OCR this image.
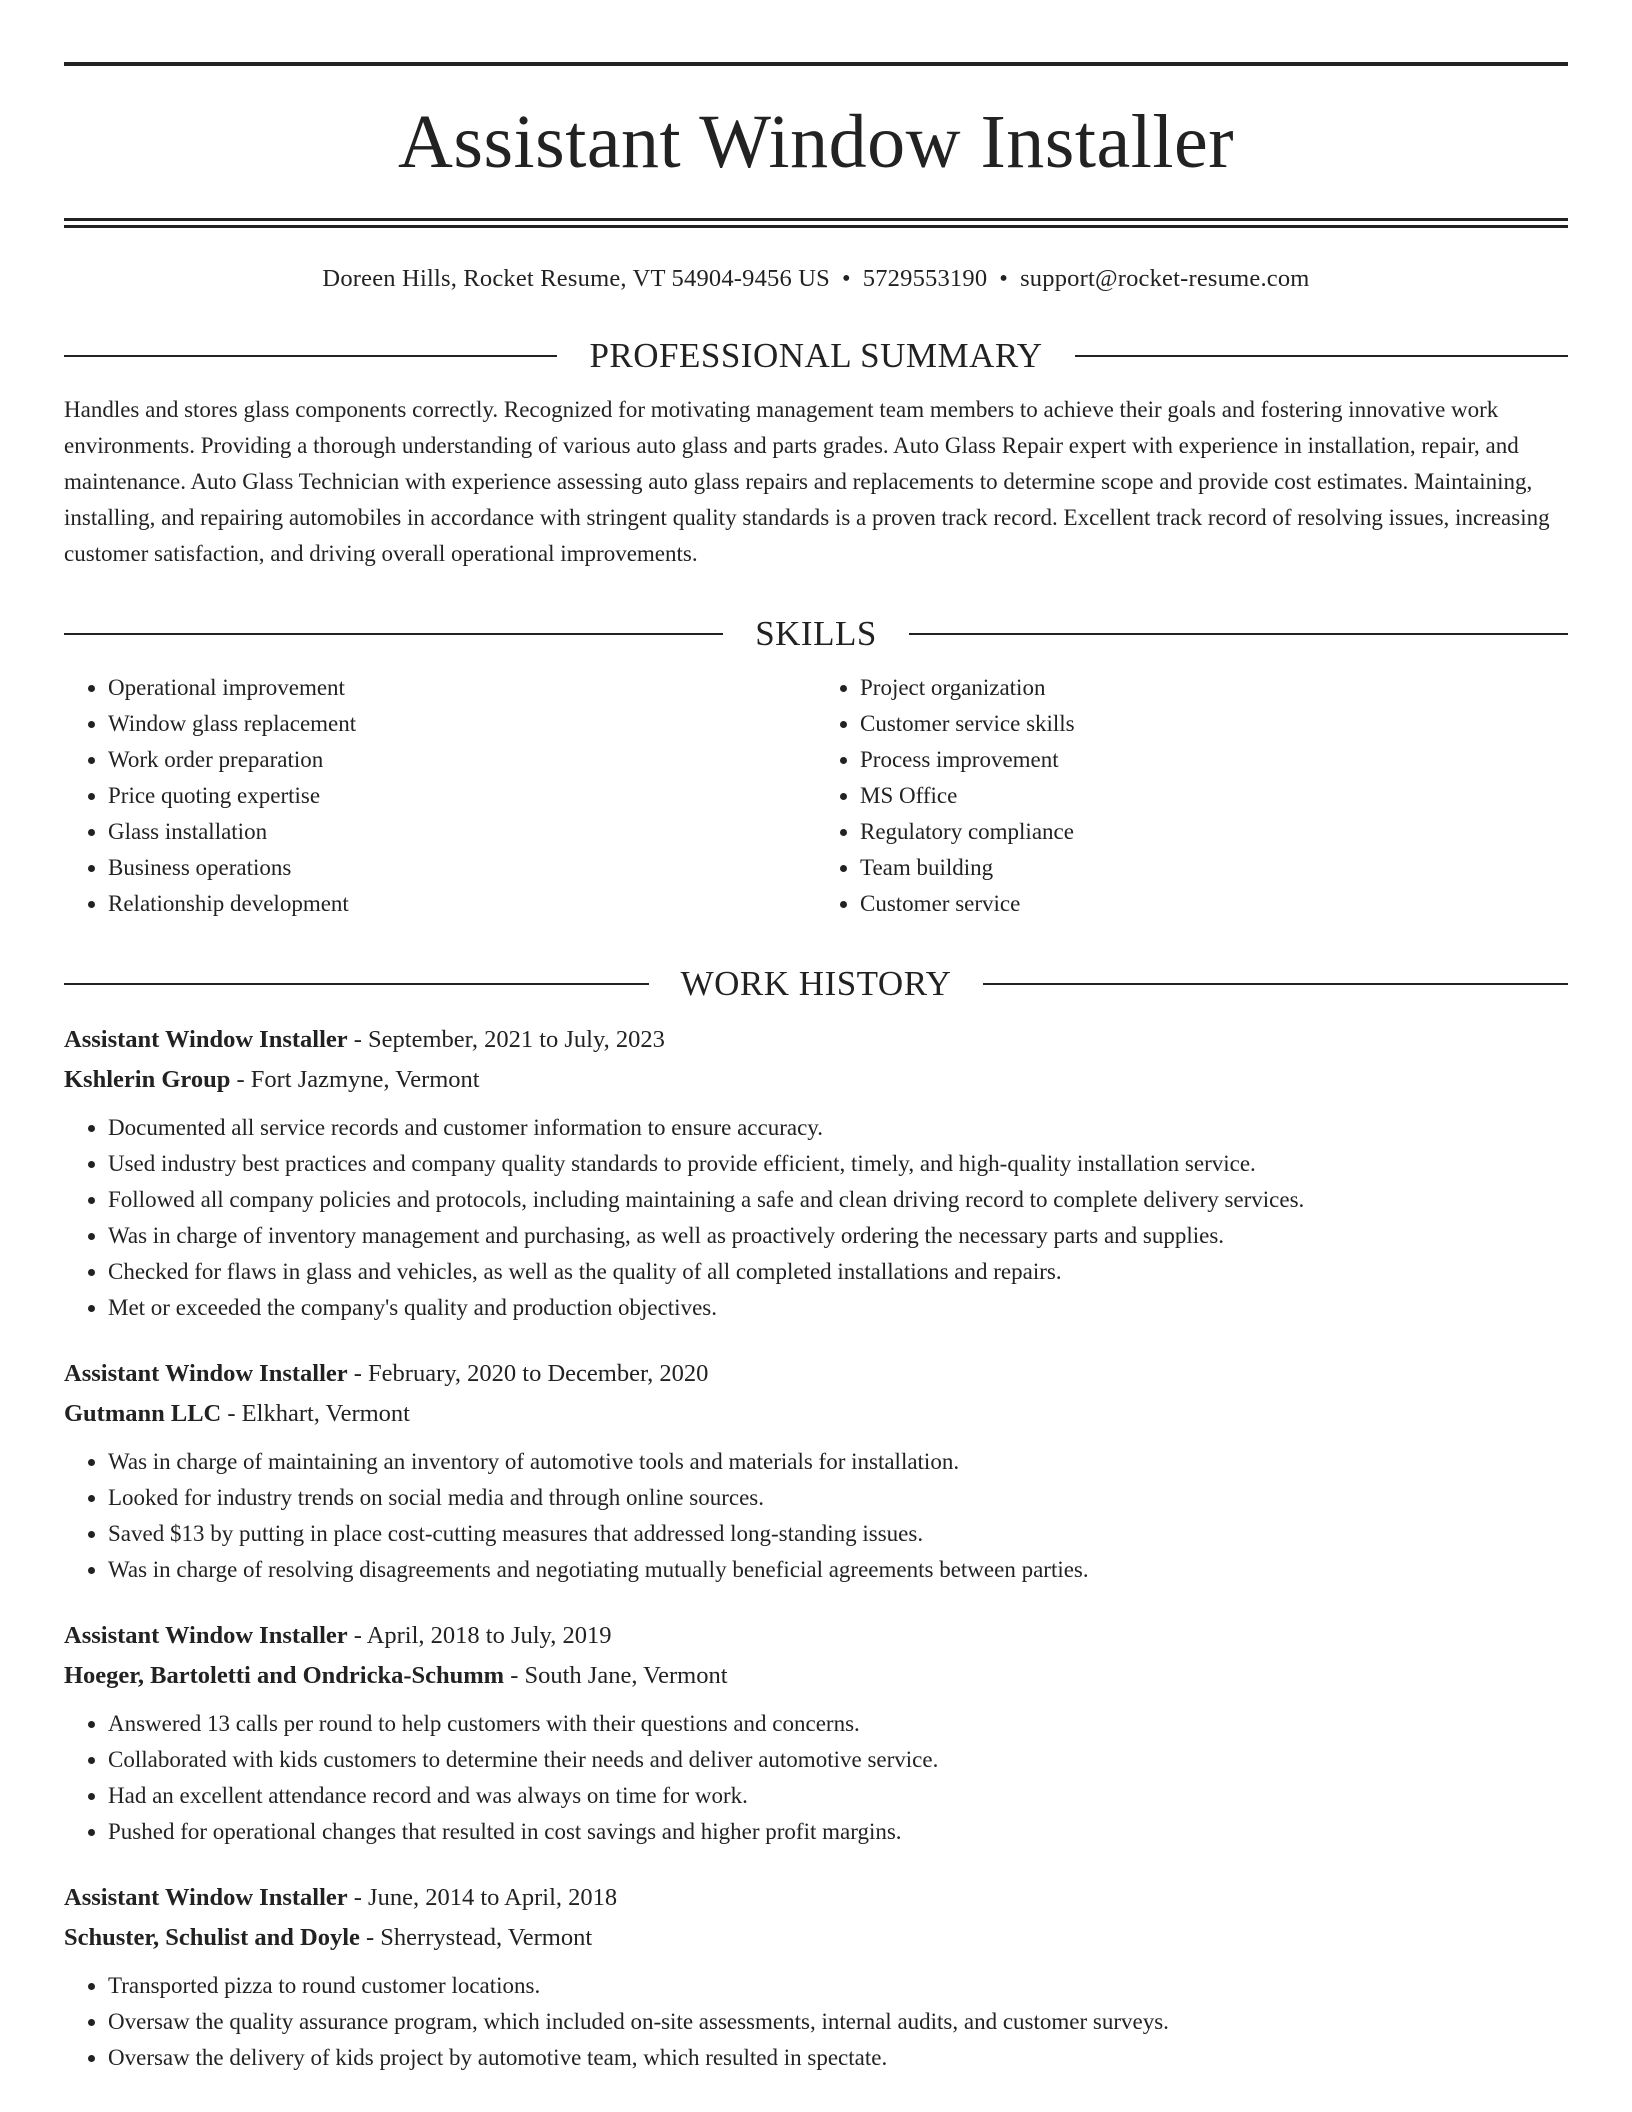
Assistant Window Installer
Doreen Hills, Rocket Resume, VT 54904-9456 US • 5729553190 • support@rocket-resume.com
PROFESSIONAL SUMMARY
Handles and stores glass components correctly. Recognized for motivating management team members to achieve their goals and fostering innovative work environments. Providing a thorough understanding of various auto glass and parts grades. Auto Glass Repair expert with experience in installation, repair, and maintenance. Auto Glass Technician with experience assessing auto glass repairs and replacements to determine scope and provide cost estimates. Maintaining, installing, and repairing automobiles in accordance with stringent quality standards is a proven track record. Excellent track record of resolving issues, increasing customer satisfaction, and driving overall operational improvements.
SKILLS
• Operational improvement
• Window glass replacement
• Work order preparation
• Price quoting expertise
• Glass installation
• Business operations
• Relationship development
• Project organization
• Customer service skills
• Process improvement
• MS Office
• Regulatory compliance
• Team building
• Customer service
WORK HISTORY
Assistant Window Installer - September, 2021 to July, 2023
Kshlerin Group - Fort Jazmyne, Vermont
• Documented all service records and customer information to ensure accuracy.
• Used industry best practices and company quality standards to provide efficient, timely, and high-quality installation service.
• Followed all company policies and protocols, including maintaining a safe and clean driving record to complete delivery services.
• Was in charge of inventory management and purchasing, as well as proactively ordering the necessary parts and supplies.
• Checked for flaws in glass and vehicles, as well as the quality of all completed installations and repairs.
• Met or exceeded the company's quality and production objectives.
Assistant Window Installer - February, 2020 to December, 2020
Gutmann LLC - Elkhart, Vermont
• Was in charge of maintaining an inventory of automotive tools and materials for installation.
• Looked for industry trends on social media and through online sources.
• Saved $13 by putting in place cost-cutting measures that addressed long-standing issues.
• Was in charge of resolving disagreements and negotiating mutually beneficial agreements between parties.
Assistant Window Installer - April, 2018 to July, 2019
Hoeger, Bartoletti and Ondricka-Schumm - South Jane, Vermont
• Answered 13 calls per round to help customers with their questions and concerns.
• Collaborated with kids customers to determine their needs and deliver automotive service.
• Had an excellent attendance record and was always on time for work.
• Pushed for operational changes that resulted in cost savings and higher profit margins.
Assistant Window Installer - June, 2014 to April, 2018
Schuster, Schulist and Doyle - Sherrystead, Vermont
• Transported pizza to round customer locations.
• Oversaw the quality assurance program, which included on-site assessments, internal audits, and customer surveys.
• Oversaw the delivery of kids project by automotive team, which resulted in spectate.
